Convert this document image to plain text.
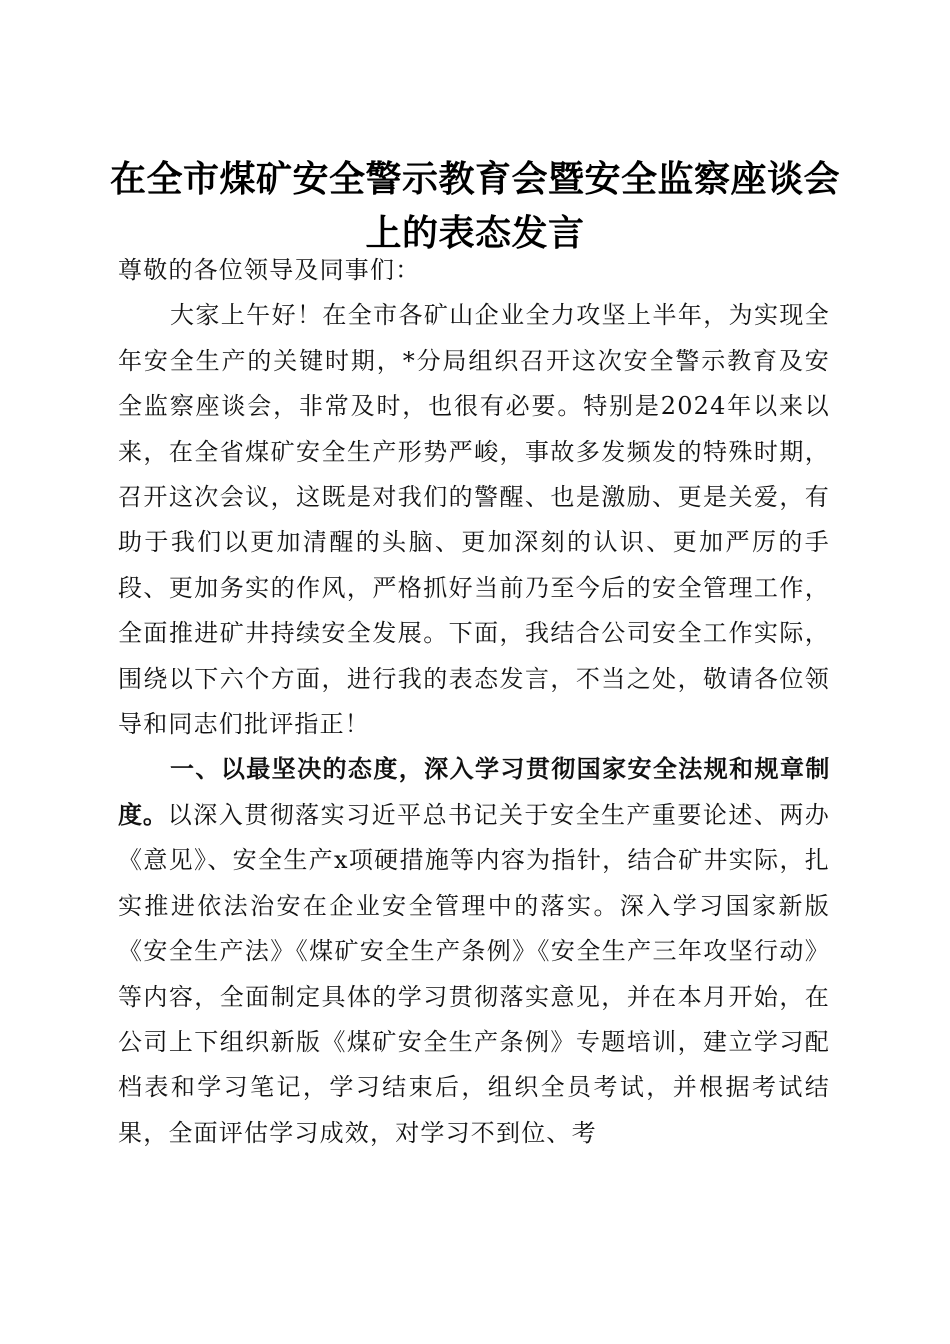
在全市煤矿安全警示教育会暨安全监察座谈会
上的表态发言

尊敬的各位领导及同事们：

大家上午好！在全市各矿山企业全力攻坚上半年，为实现全年安全生产的关键时期，*分局组织召开这次安全警示教育及安全监察座谈会，非常及时，也很有必要。特别是2024年以来以来，在全省煤矿安全生产形势严峻，事故多发频发的特殊时期，召开这次会议，这既是对我们的警醒、也是激励、更是关爱，有助于我们以更加清醒的头脑、更加深刻的认识、更加严厉的手段、更加务实的作风，严格抓好当前乃至今后的安全管理工作，全面推进矿井持续安全发展。下面，我结合公司安全工作实际，围绕以下六个方面，进行我的表态发言，不当之处，敬请各位领导和同志们批评指正！

一、以最坚决的态度，深入学习贯彻国家安全法规和规章制度。以深入贯彻落实习近平总书记关于安全生产重要论述、两办《意见》、安全生产x项硬措施等内容为指针，结合矿井实际，扎实推进依法治安在企业安全管理中的落实。深入学习国家新版《安全生产法》《煤矿安全生产条例》《安全生产三年攻坚行动》等内容，全面制定具体的学习贯彻落实意见，并在本月开始，在公司上下组织新版《煤矿安全生产条例》专题培训，建立学习配档表和学习笔记，学习结束后，组织全员考试，并根据考试结果，全面评估学习成效，对学习不到位、考
